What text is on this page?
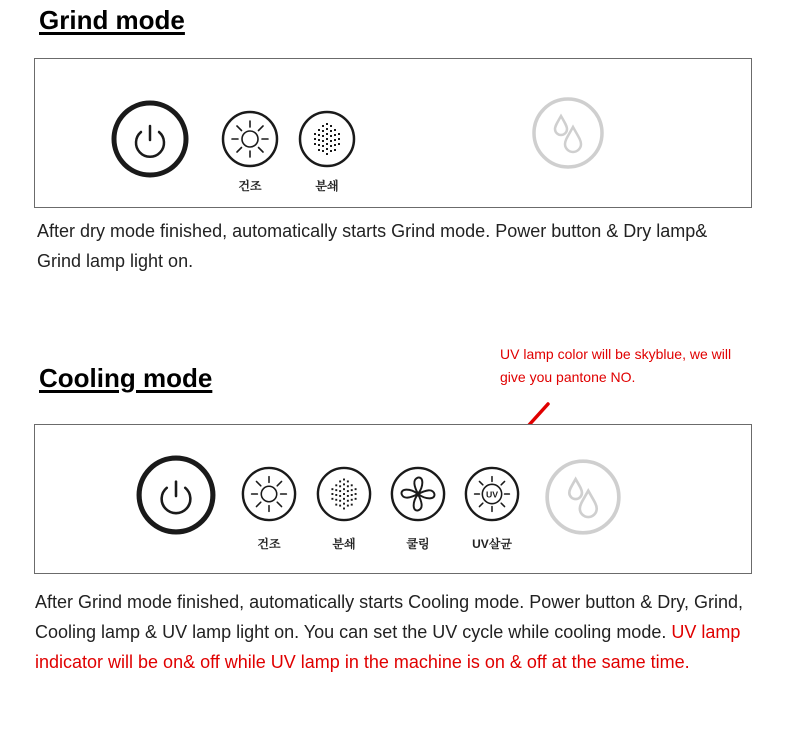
Grind mode
건조	분쇄

After dry mode finished, automatically starts Grind mode. Power button & Dry lamp& Grind lamp light on.

Cooling mode

UV lamp color will be skyblue, we will give you pantone NO.

건조	분쇄	쿨링
UV
UV살균

After Grind mode finished, automatically starts Cooling mode. Power button & Dry, Grind, Cooling lamp & UV lamp light on. You can set the UV cycle while cooling mode. UV lamp indicator will be on& off while UV lamp in the machine is on & off at the same time.
